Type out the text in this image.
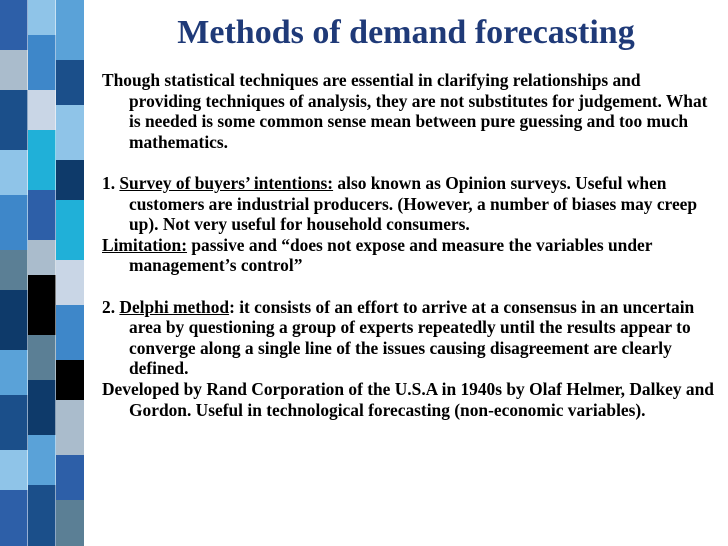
Methods of demand forecasting

Though statistical techniques are essential in clarifying relationships and providing techniques of analysis, they are not substitutes for judgement. What is needed is some common sense mean between pure guessing and too much mathematics.

1. Survey of buyers’ intentions: also known as Opinion surveys. Useful when customers are industrial producers. (However, a number of biases may creep up). Not very useful for household consumers.

Limitation: passive and “does not expose and measure the variables under management’s control”

2. Delphi method: it consists of an effort to arrive at a consensus in an uncertain area by questioning a group of experts repeatedly until the results appear to converge along a single line of the issues causing disagreement are clearly defined.

Developed by Rand Corporation of the U.S.A in 1940s by Olaf Helmer, Dalkey and Gordon. Useful in technological forecasting (non-economic variables).
